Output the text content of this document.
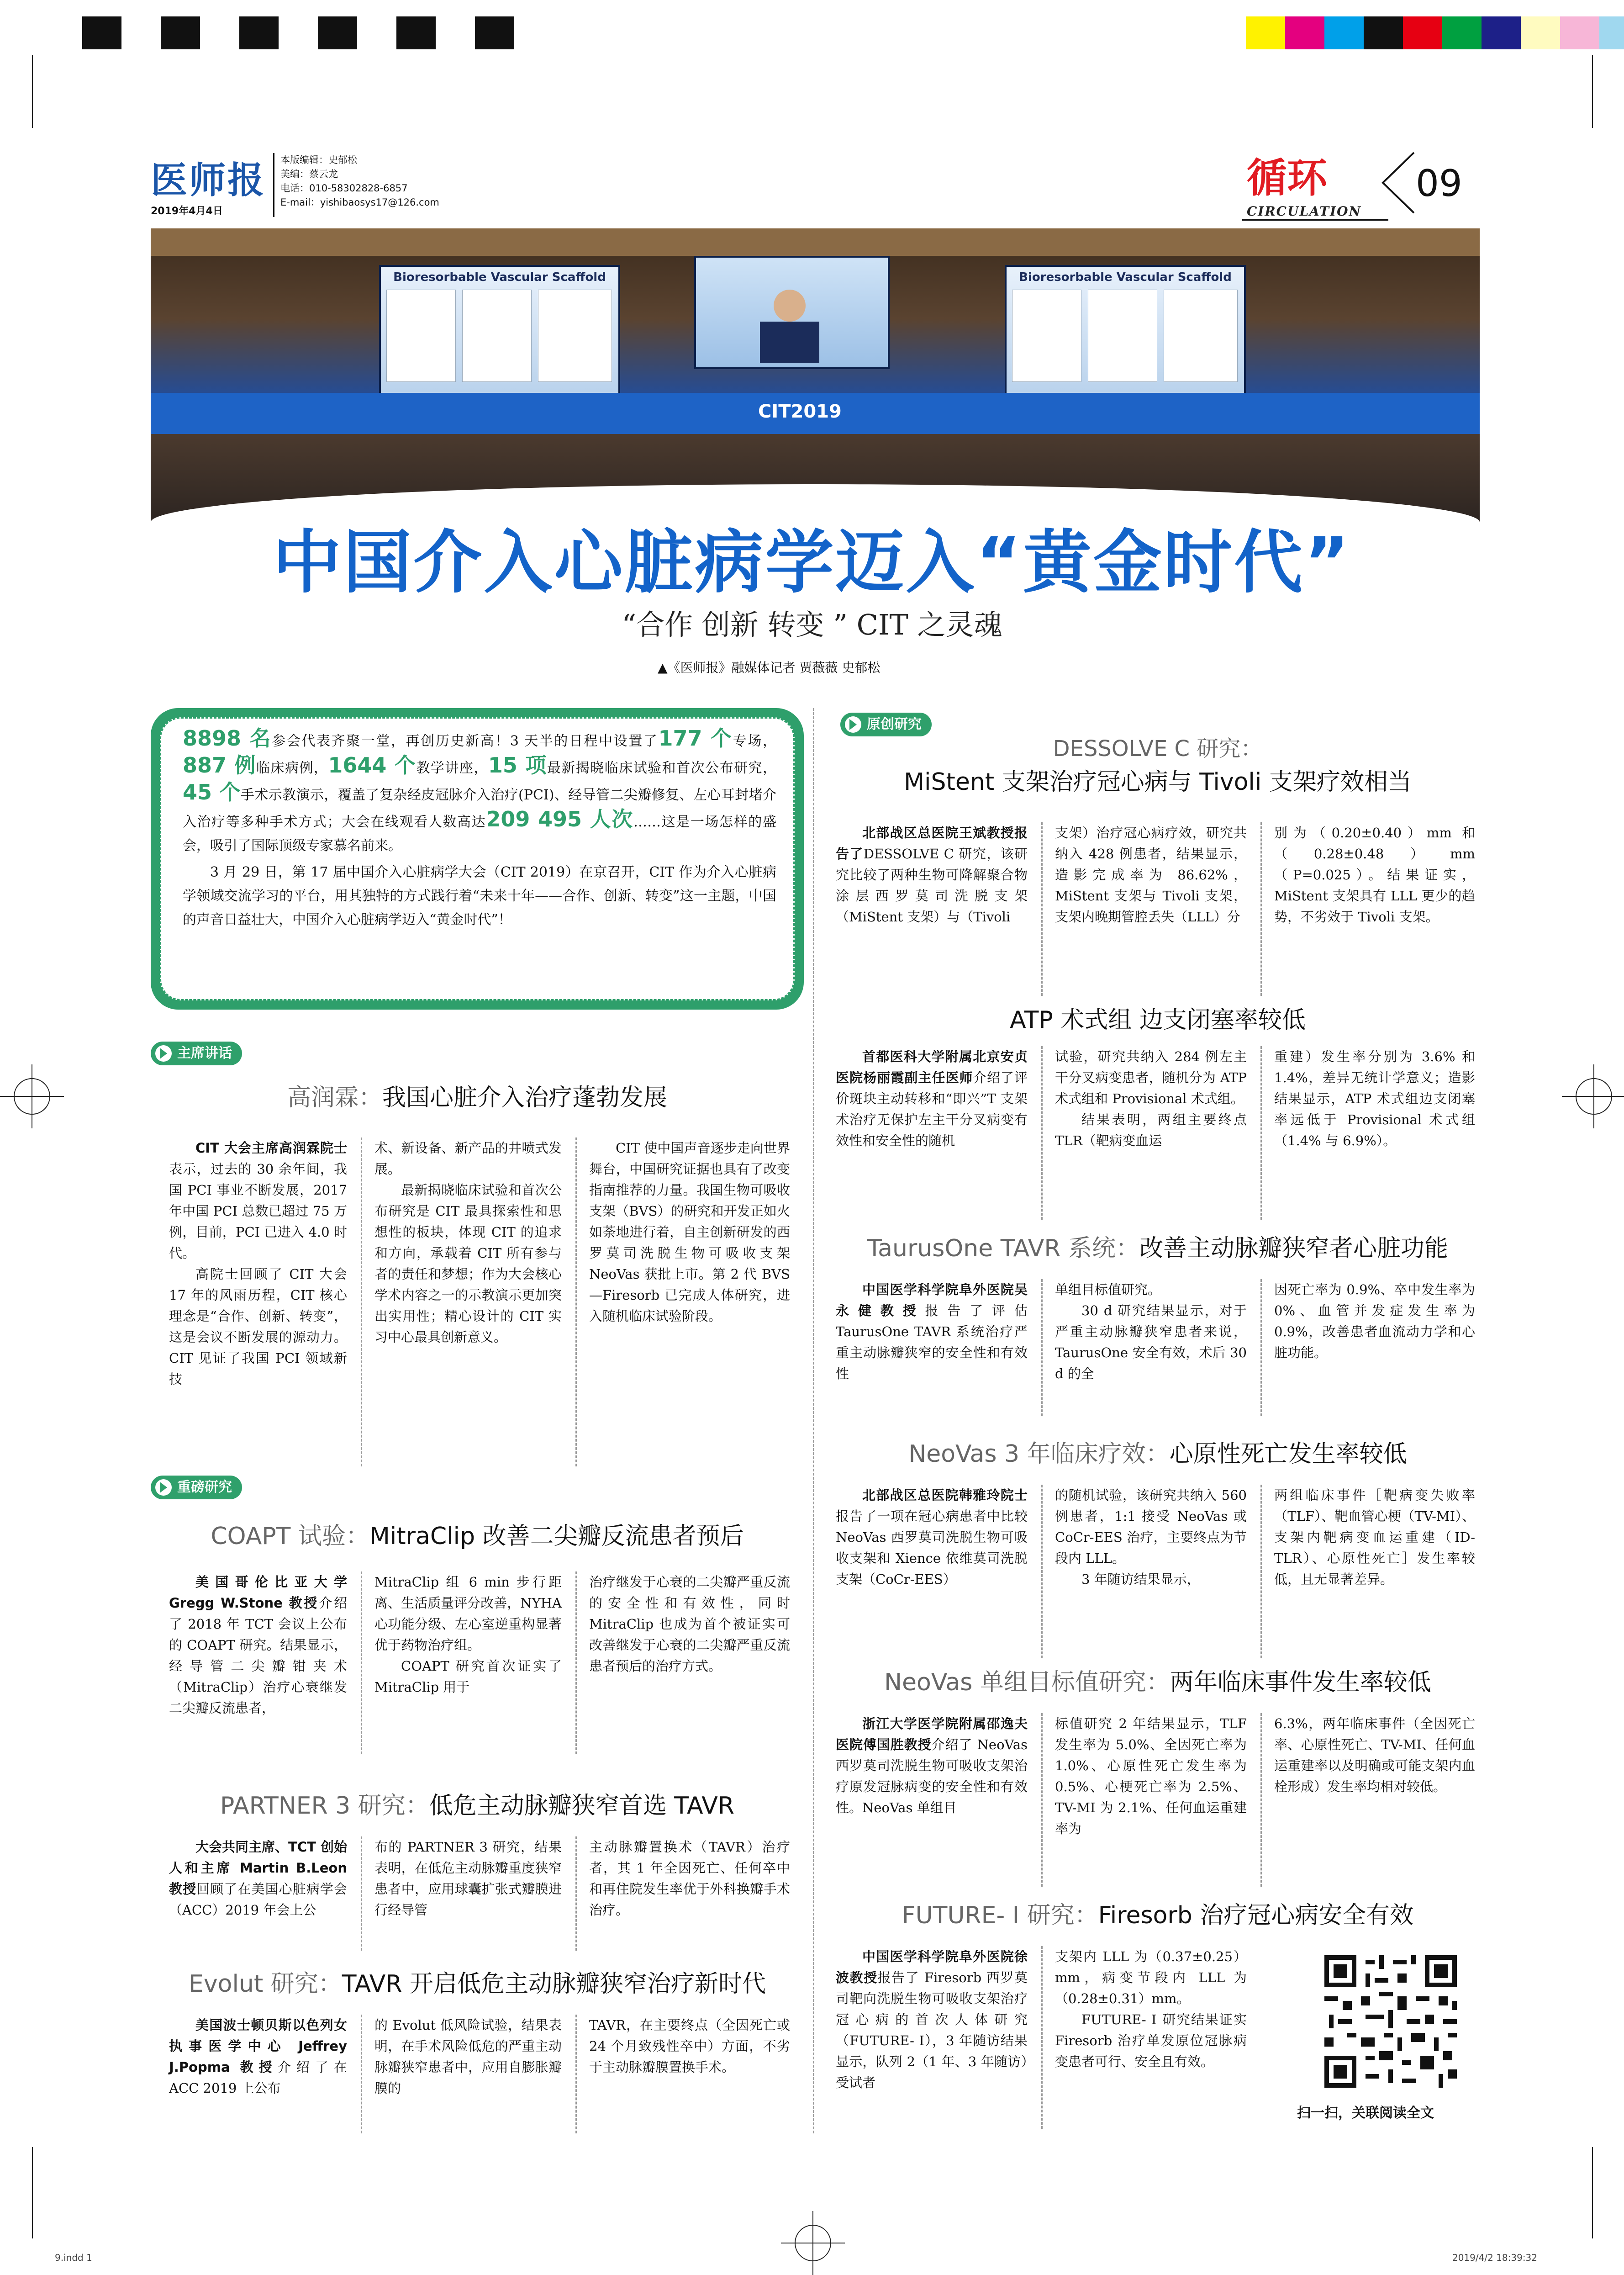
医师报
2019年4月4日
本版编辑：史郁松
美编：蔡云龙
电话：010-58302828-6857
E-mail：yishibaosys17@126.com
循环
CIRCULATION
09
Bioresorbable Vascular Scaffold	Bioresorbable Vascular Scaffold
CIT2019
中国介入心脏病学迈入“黄金时代”
“合作 创新 转变 ” CIT 之灵魂
▲《医师报》融媒体记者 贾薇薇 史郁松
8898 名参会代表齐聚一堂，再创历史新高！3 天半的日程中设置了177 个专场，887 例临床病例，1644 个教学讲座，15 项最新揭晓临床试验和首次公布研究，45 个手术示教演示，覆盖了复杂经皮冠脉介入治疗(PCI)、经导管二尖瓣修复、左心耳封堵介入治疗等多种手术方式；大会在线观看人数高达209 495 人次……这是一场怎样的盛会，吸引了国际顶级专家慕名前来。
3 月 29 日，第 17 届中国介入心脏病学大会（CIT 2019）在京召开，CIT 作为介入心脏病学领域交流学习的平台，用其独特的方式践行着“未来十年——合作、创新、转变”这一主题，中国的声音日益壮大，中国介入心脏病学迈入“黄金时代”！
主席讲话
高润霖：我国心脏介入治疗蓬勃发展

CIT 大会主席高润霖院士表示，过去的 30 余年间，我国 PCI 事业不断发展，2017 年中国 PCI 总数已超过 75 万例，目前，PCI 已进入 4.0 时代。

高院士回顾了 CIT 大会 17 年的风雨历程，CIT 核心理念是“合作、创新、转变”，这是会议不断发展的源动力。CIT 见证了我国 PCI 领域新技

术、新设备、新产品的井喷式发展。

最新揭晓临床试验和首次公布研究是 CIT 最具探索性和思想性的板块，体现 CIT 的追求和方向，承载着 CIT 所有参与者的责任和梦想；作为大会核心学术内容之一的示教演示更加突出实用性；精心设计的 CIT 实习中心最具创新意义。

CIT 使中国声音逐步走向世界舞台，中国研究证据也具有了改变指南推荐的力量。我国生物可吸收支架（BVS）的研究和开发正如火如荼地进行着，自主创新研发的西罗莫司洗脱生物可吸收支架 NeoVas 获批上市。第 2 代 BVS—Firesorb 已完成人体研究，进入随机临床试验阶段。

重磅研究
COAPT 试验：MitraClip 改善二尖瓣反流患者预后

美国哥伦比亚大学 Gregg W.Stone 教授介绍了 2018 年 TCT 会议上公布的 COAPT 研究。结果显示，经导管二尖瓣钳夹术（MitraClip）治疗心衰继发二尖瓣反流患者，

MitraClip 组 6 min 步行距离、生活质量评分改善，NYHA 心功能分级、左心室逆重构显著优于药物治疗组。

COAPT 研究首次证实了 MitraClip 用于

治疗继发于心衰的二尖瓣严重反流的安全性和有效性，同时 MitraClip 也成为首个被证实可改善继发于心衰的二尖瓣严重反流患者预后的治疗方式。

PARTNER 3 研究：低危主动脉瓣狭窄首选 TAVR

大会共同主席、TCT 创始人和主席 Martin B.Leon 教授回顾了在美国心脏病学会（ACC）2019 年会上公

布的 PARTNER 3 研究，结果表明，在低危主动脉瓣重度狭窄患者中，应用球囊扩张式瓣膜进行经导管

主动脉瓣置换术（TAVR）治疗者，其 1 年全因死亡、任何卒中和再住院发生率优于外科换瓣手术治疗。

Evolut 研究：TAVR 开启低危主动脉瓣狭窄治疗新时代

美国波士顿贝斯以色列女执事医学中心 Jeffrey J.Popma 教授介绍了在 ACC 2019 上公布

的 Evolut 低风险试验，结果表明，在手术风险低危的严重主动脉瓣狭窄患者中，应用自膨胀瓣膜的

TAVR，在主要终点（全因死亡或 24 个月致残性卒中）方面，不劣于主动脉瓣膜置换手术。

原创研究
DESSOLVE C 研究：
MiStent 支架治疗冠心病与 Tivoli 支架疗效相当

北部战区总医院王斌教授报告了DESSOLVE C 研究，该研究比较了两种生物可降解聚合物涂层西罗莫司洗脱支架（MiStent 支架）与（Tivoli

支架）治疗冠心病疗效，研究共纳入 428 例患者，结果显示，造影完成率为 86.62%，MiStent 支架与 Tivoli 支架，支架内晚期管腔丢失（LLL）分

别为（0.20±0.40）mm 和（0.28±0.48）mm（P=0.025）。结果证实，MiStent 支架具有 LLL 更少的趋势，不劣效于 Tivoli 支架。

ATP 术式组 边支闭塞率较低

首都医科大学附属北京安贞医院杨丽霞副主任医师介绍了评价斑块主动转移和“即兴”T 支架术治疗无保护左主干分叉病变有效性和安全性的随机

试验，研究共纳入 284 例左主干分叉病变患者，随机分为 ATP 术式组和 Provisional 术式组。

结果表明，两组主要终点 TLR（靶病变血运

重建）发生率分别为 3.6% 和 1.4%，差异无统计学意义；造影结果显示，ATP 术式组边支闭塞率远低于 Provisional 术式组（1.4% 与 6.9%）。

TaurusOne TAVR 系统：改善主动脉瓣狭窄者心脏功能

中国医学科学院阜外医院吴永健教授报告了评估 TaurusOne TAVR 系统治疗严重主动脉瓣狭窄的安全性和有效性

单组目标值研究。

30 d 研究结果显示，对于严重主动脉瓣狭窄患者来说，TaurusOne 安全有效，术后 30 d 的全

因死亡率为 0.9%、卒中发生率为 0%、血管并发症发生率为 0.9%，改善患者血流动力学和心脏功能。

NeoVas 3 年临床疗效：心原性死亡发生率较低

北部战区总医院韩雅玲院士报告了一项在冠心病患者中比较 NeoVas 西罗莫司洗脱生物可吸收支架和 Xience 依维莫司洗脱支架（CoCr-EES）

的随机试验，该研究共纳入 560 例患者，1:1 接受 NeoVas 或 CoCr-EES 治疗，主要终点为节段内 LLL。

3 年随访结果显示，

两组临床事件［靶病变失败率（TLF）、靶血管心梗（TV-MI）、支架内靶病变血运重建（ID-TLR）、心原性死亡］发生率较低，且无显著差异。

NeoVas 单组目标值研究：两年临床事件发生率较低

浙江大学医学院附属邵逸夫医院傅国胜教授介绍了 NeoVas 西罗莫司洗脱生物可吸收支架治疗原发冠脉病变的安全性和有效性。NeoVas 单组目

标值研究 2 年结果显示，TLF 发生率为 5.0%、全因死亡率为 1.0%、心原性死亡发生率为 0.5%、心梗死亡率为 2.5%、TV-MI 为 2.1%、任何血运重建率为

6.3%，两年临床事件（全因死亡率、心原性死亡、TV-MI、任何血运重建率以及明确或可能支架内血栓形成）发生率均相对较低。

FUTURE- Ⅰ 研究：Firesorb 治疗冠心病安全有效

中国医学科学院阜外医院徐波教授报告了 Firesorb 西罗莫司靶向洗脱生物可吸收支架治疗冠心病的首次人体研究（FUTURE- Ⅰ），3 年随访结果显示，队列 2（1 年、3 年随访）受试者

支架内 LLL 为（0.37±0.25）mm，病变节段内 LLL 为（0.28±0.31）mm。

FUTURE- Ⅰ 研究结果证实 Firesorb 治疗单发原位冠脉病变患者可行、安全且有效。

扫一扫，关联阅读全文
9.indd 1	2019/4/2 18:39:32
